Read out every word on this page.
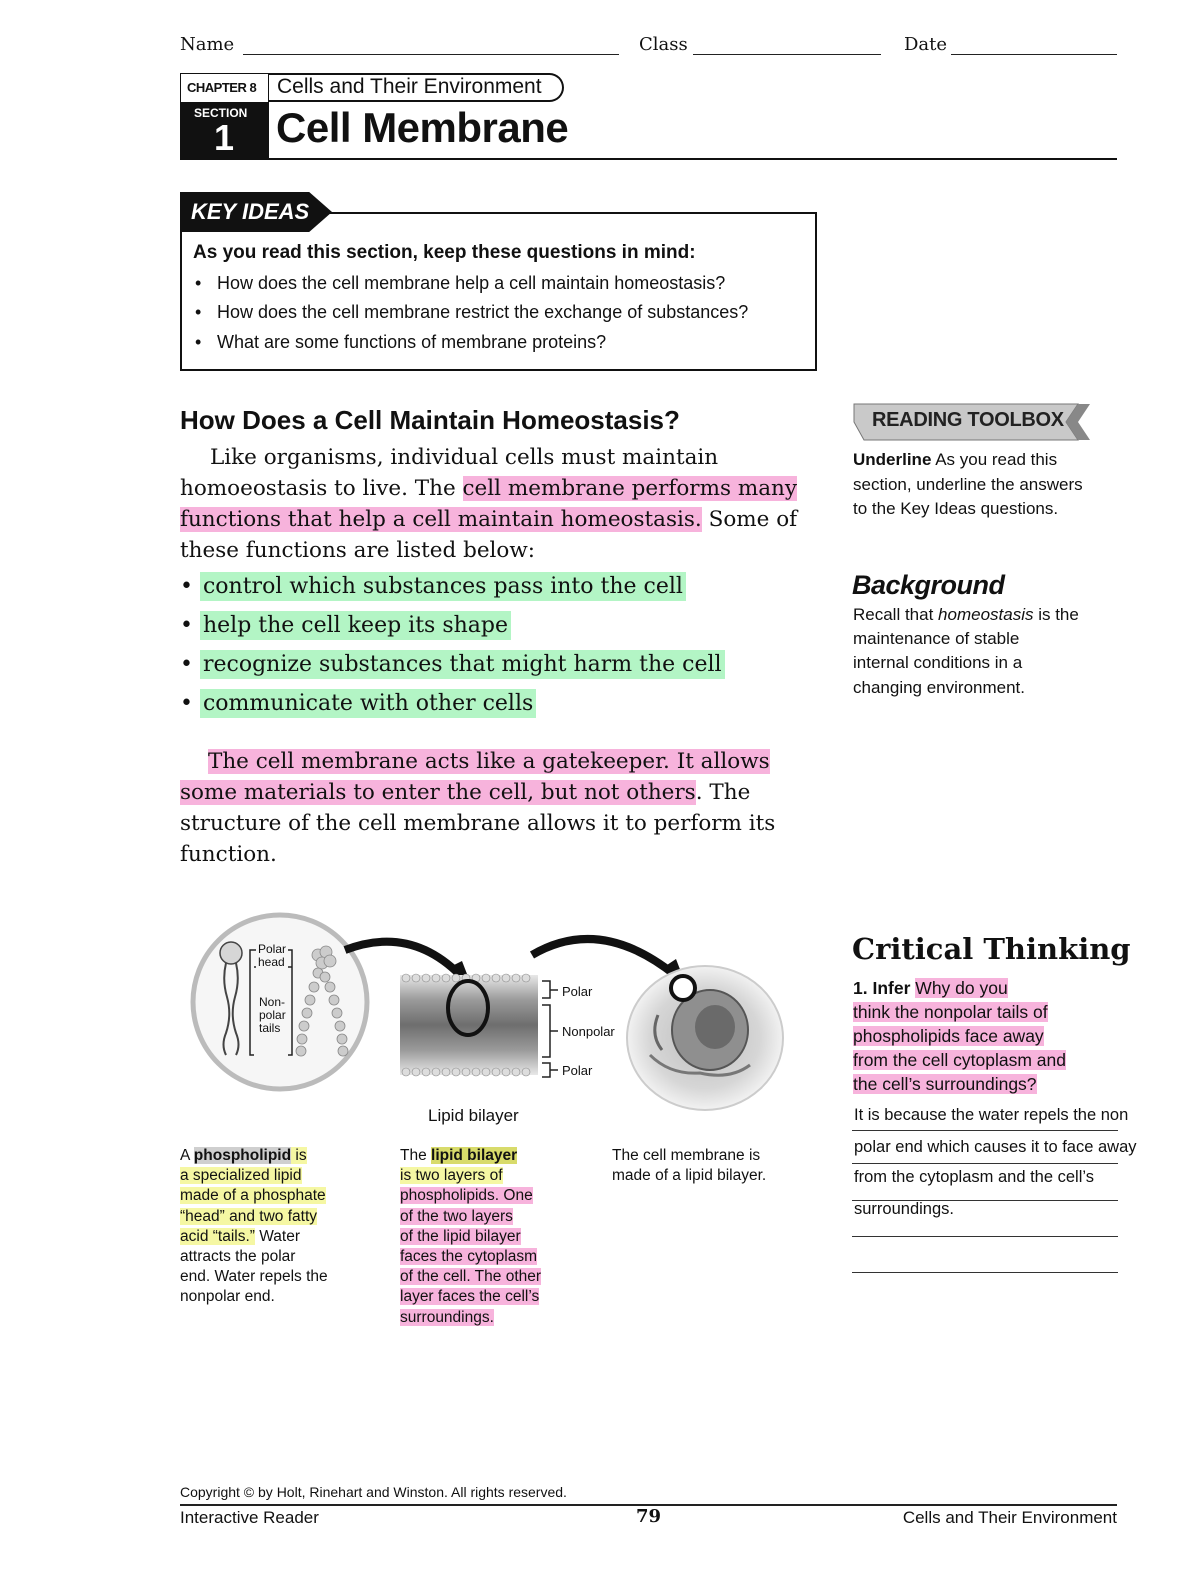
Name	Class	Date
CHAPTER 8
SECTION
1
Cells and Their Environment
Cell Membrane
KEY IDEAS
As you read this section, keep these questions in mind:
• How does the cell membrane help a cell maintain homeostasis?
• How does the cell membrane restrict the exchange of substances?
• What are some functions of membrane proteins?
How Does a Cell Maintain Homeostasis?
Like organisms, individual cells must maintain
homoeostasis to live. The cell membrane performs many
functions that help a cell maintain homeostasis. Some of
these functions are listed below:
• control which substances pass into the cell
• help the cell keep its shape
• recognize substances that might harm the cell
• communicate with other cells
The cell membrane acts like a gatekeeper. It allows
some materials to enter the cell, but not others. The
structure of the cell membrane allows it to perform its
function.
READING TOOLBOX
Underline As you read this
section, underline the answers
to the Key Ideas questions.
Background
Recall that homeostasis is the
maintenance of stable
internal conditions in a
changing environment.
Polar
head
Non-
polar
tails
Polar
Nonpolar
Polar
Lipid bilayer
A phospholipid is
a specialized lipid
made of a phosphate
“head” and two fatty
acid “tails.” Water
attracts the polar
end. Water repels the
nonpolar end.
The lipid bilayer
is two layers of
phospholipids. One
of the two layers
of the lipid bilayer
faces the cytoplasm
of the cell. The other
layer faces the cell’s
surroundings.
The cell membrane is
made of a lipid bilayer.
Critical Thinking
1. Infer Why do you
think the nonpolar tails of
phospholipids face away
from the cell cytoplasm and
the cell’s surroundings?
It is because the water repels the non
polar end which causes it to face away
from the cytoplasm and the cell’s
surroundings.
Copyright © by Holt, Rinehart and Winston. All rights reserved.
Interactive Reader	79	Cells and Their Environment
